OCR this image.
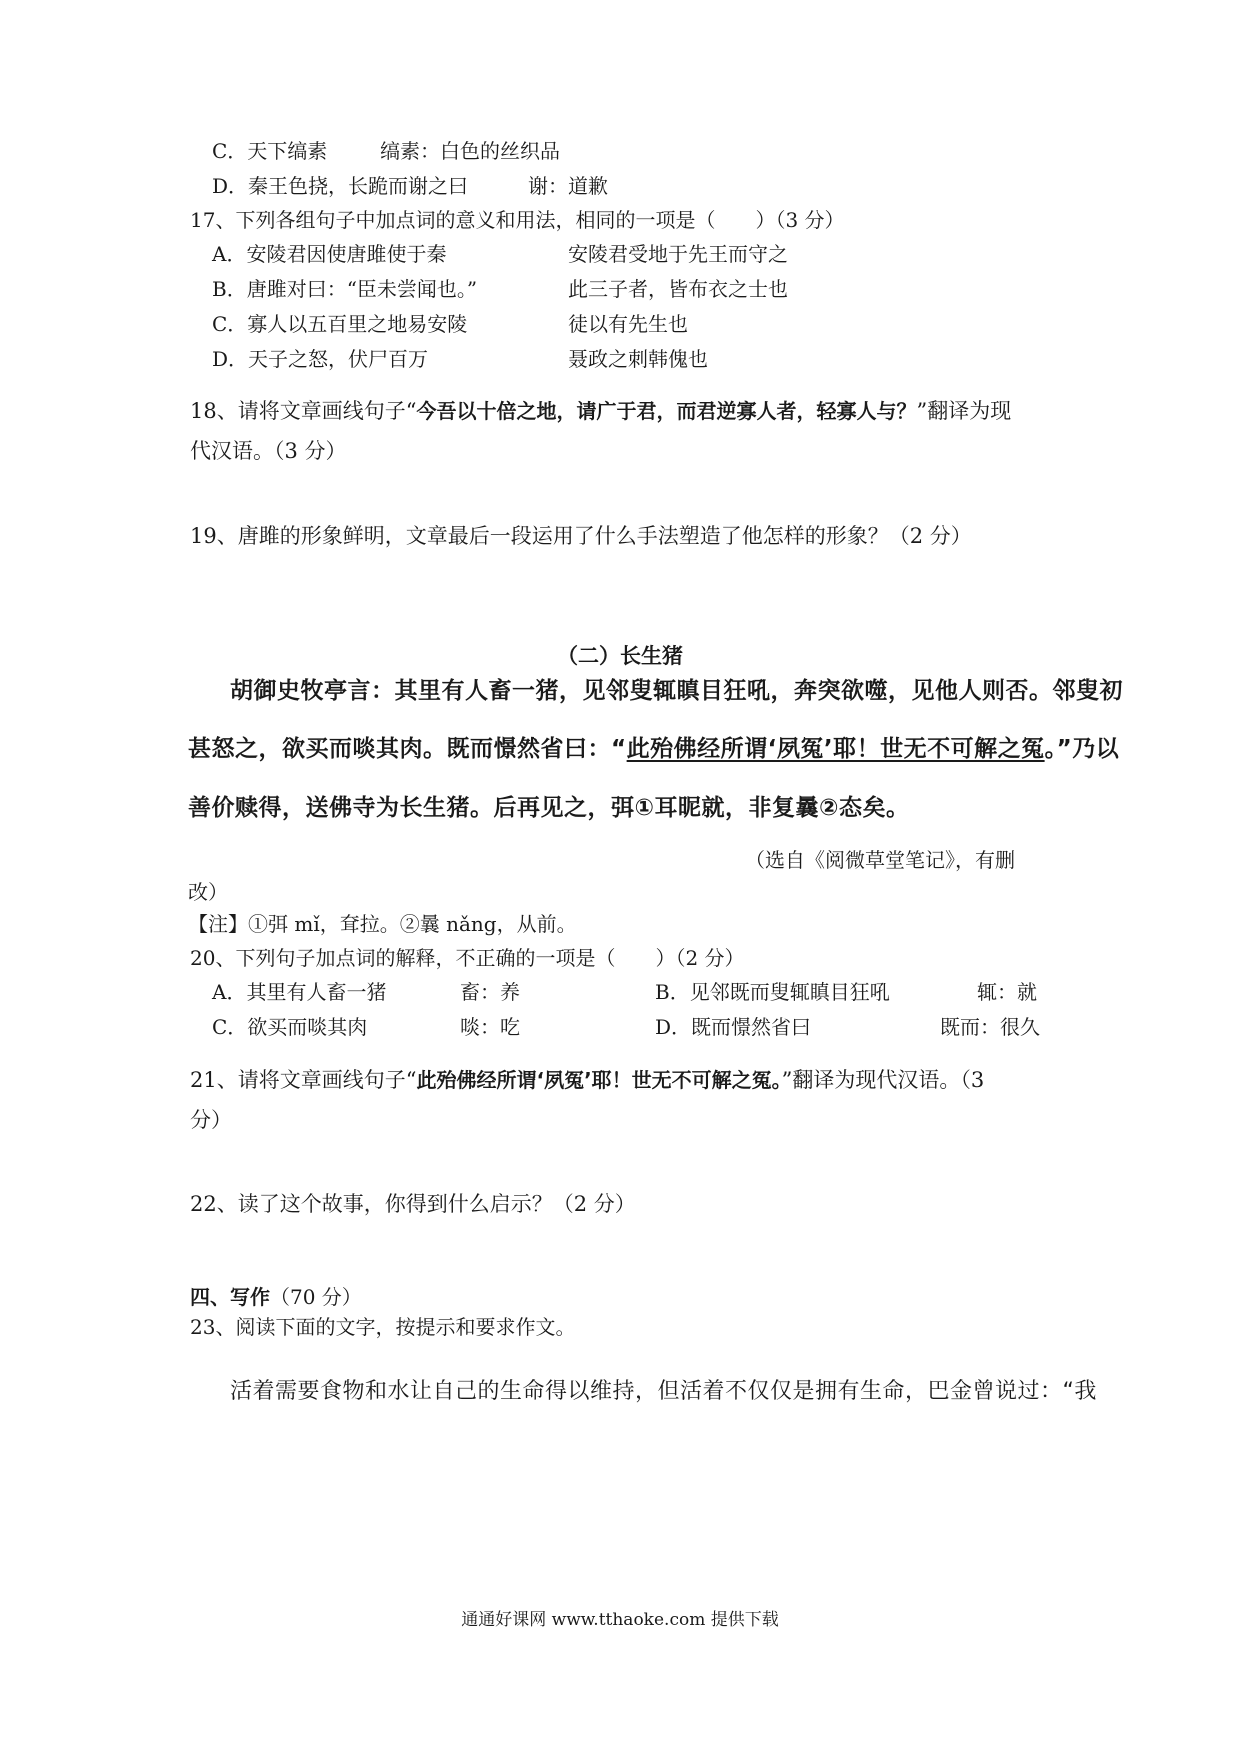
C．天下缟素	缟素：白色的丝织品
D．秦王色挠，长跪而谢之曰	谢：道歉
17、下列各组句子中加点词的意义和用法，相同的一项是（　　）（3 分）
A．安陵君因使唐雎使于秦	安陵君受地于先王而守之
B．唐雎对曰：“臣未尝闻也。”	此三子者，皆布衣之士也
C．寡人以五百里之地易安陵	徒以有先生也
D．天子之怒，伏尸百万	聂政之刺韩傀也
18、请将文章画线句子“今吾以十倍之地，请广于君，而君逆寡人者，轻寡人与？”翻译为现
代汉语。（3 分）
19、唐雎的形象鲜明，文章最后一段运用了什么手法塑造了他怎样的形象？（2 分）
（二）长生猪
胡御史牧亭言：其里有人畜一猪，见邻叟辄瞋目狂吼，奔突欲噬，见他人则否。邻叟初
甚怒之，欲买而啖其肉。既而憬然省曰：“此殆佛经所谓‘夙冤’耶！世无不可解之冤。”乃以
善价赎得，送佛寺为长生猪。后再见之，弭①耳昵就，非复曩②态矣。
（选自《阅微草堂笔记》，有删
改）
【注】①弭 mǐ，耷拉。②曩 nǎng，从前。
20、下列句子加点词的解释，不正确的一项是（　　）（2 分）
A．其里有人畜一猪	畜：养	B．见邻既而叟辄瞋目狂吼	辄：就
C．欲买而啖其肉	啖：吃	D．既而憬然省曰	既而：很久
21、请将文章画线句子“此殆佛经所谓‘夙冤’耶！世无不可解之冤。”翻译为现代汉语。（3
分）
22、读了这个故事，你得到什么启示？（2 分）
四、写作（70 分）
23、阅读下面的文字，按提示和要求作文。
活着需要食物和水让自己的生命得以维持，但活着不仅仅是拥有生命，巴金曾说过：“我
通通好课网 www.tthaoke.com 提供下载
